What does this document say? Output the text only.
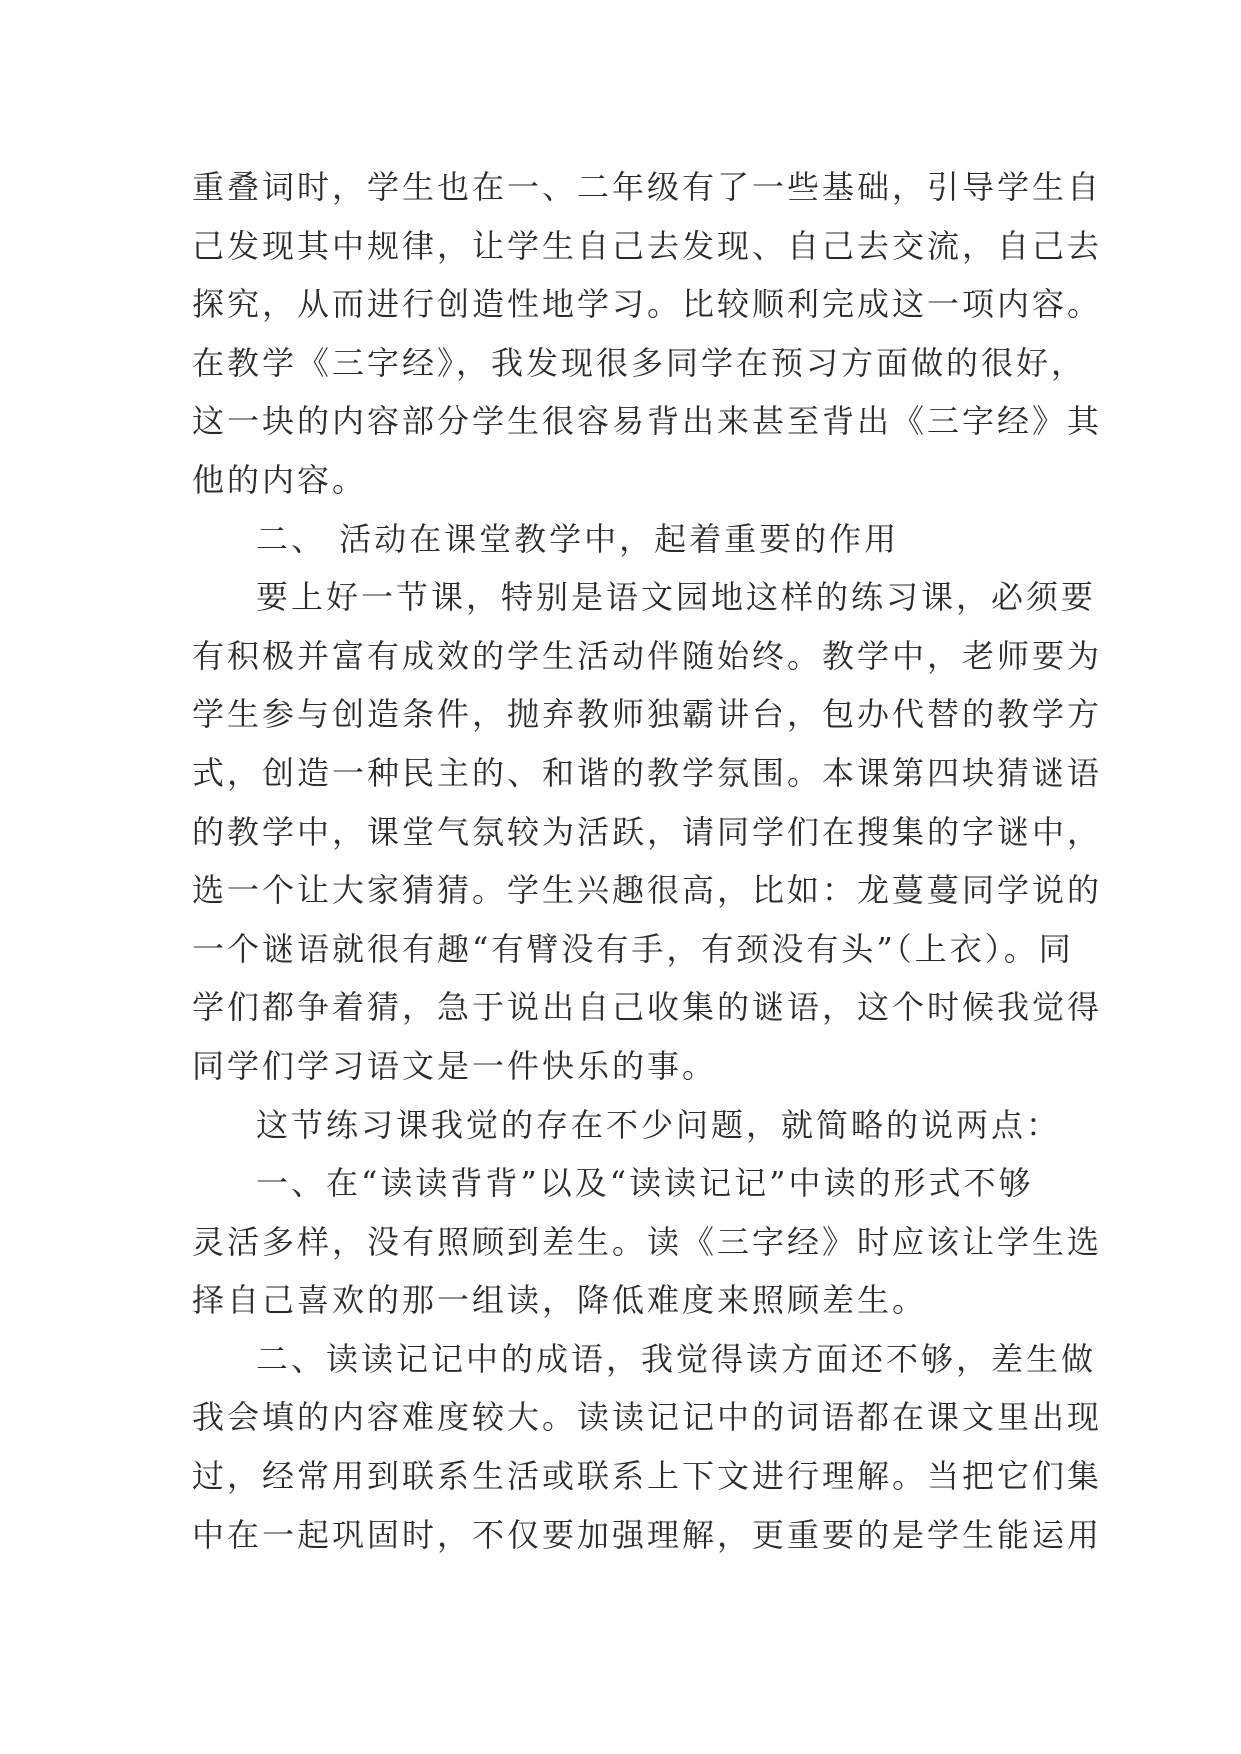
重叠词时，学生也在一、二年级有了一些基础，引导学生自
己发现其中规律，让学生自己去发现、自己去交流，自己去
探究，从而进行创造性地学习。比较顺利完成这一项内容。
在教学《三字经》，我发现很多同学在预习方面做的很好，
这一块的内容部分学生很容易背出来甚至背出《三字经》其
他的内容。
二、 活动在课堂教学中，起着重要的作用
要上好一节课，特别是语文园地这样的练习课，必须要
有积极并富有成效的学生活动伴随始终。教学中，老师要为
学生参与创造条件，抛弃教师独霸讲台，包办代替的教学方
式，创造一种民主的、和谐的教学氛围。本课第四块猜谜语
的教学中，课堂气氛较为活跃，请同学们在搜集的字谜中，
选一个让大家猜猜。学生兴趣很高，比如：龙蔓蔓同学说的
一个谜语就很有趣“有臂没有手，有颈没有头”（上衣）。同
学们都争着猜，急于说出自己收集的谜语，这个时候我觉得
同学们学习语文是一件快乐的事。
这节练习课我觉的存在不少问题，就简略的说两点：
一、在“读读背背”以及“读读记记”中读的形式不够
灵活多样，没有照顾到差生。读《三字经》时应该让学生选
择自己喜欢的那一组读，降低难度来照顾差生。
二、读读记记中的成语，我觉得读方面还不够，差生做
我会填的内容难度较大。读读记记中的词语都在课文里出现
过，经常用到联系生活或联系上下文进行理解。当把它们集
中在一起巩固时，不仅要加强理解，更重要的是学生能运用
